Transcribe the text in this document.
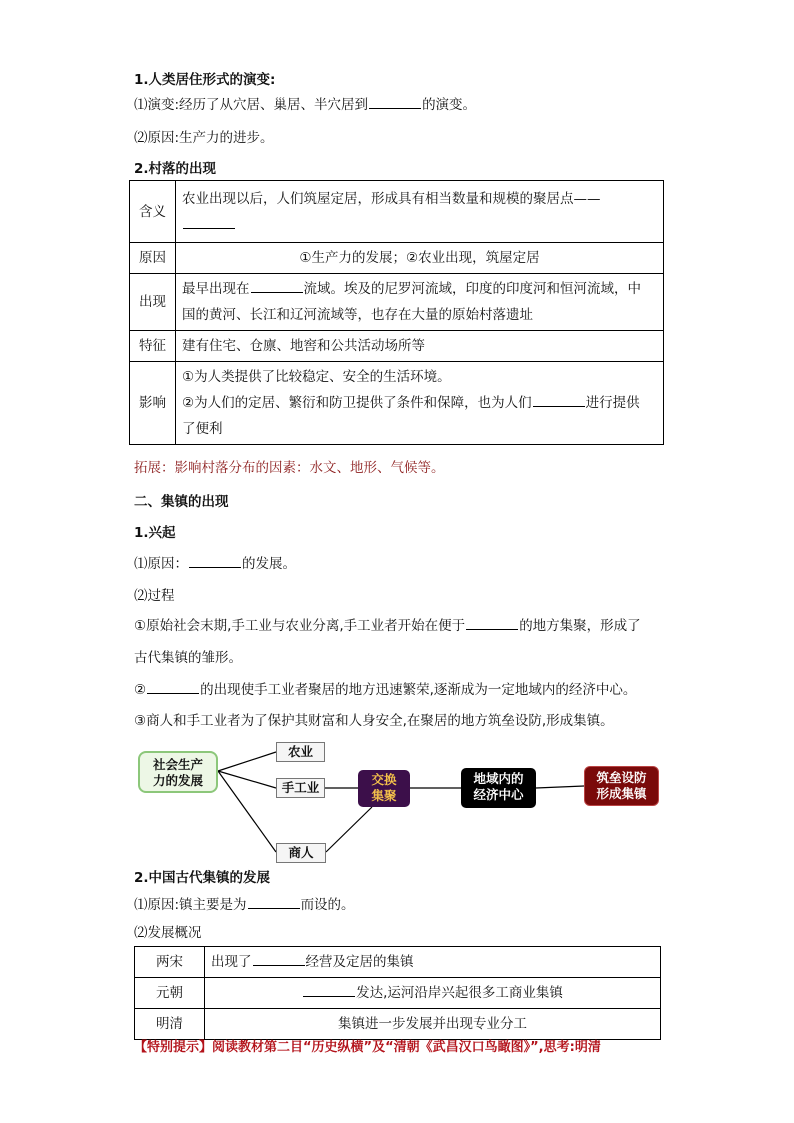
1.人类居住形式的演变:
⑴演变:经历了从穴居、巢居、半穴居到	的演变。
⑵原因:生产力的进步。
2.村落的出现
含义	农业出现以后，人们筑屋定居，形成具有相当数量和规模的聚居点——

原因	①生产力的发展；②农业出现，筑屋定居
出现	最早出现在 流域。埃及的尼罗河流域，印度的印度河和恒河流域，中
国的黄河、长江和辽河流域等，也存在大量的原始村落遗址
特征	建有住宅、仓廪、地窖和公共活动场所等
影响	①为人类提供了比较稳定、安全的生活环境。
②为人们的定居、繁衍和防卫提供了条件和保障，也为人们 进行提供
了便利
拓展：影响村落分布的因素：水文、地形、气候等。
二、集镇的出现
1.兴起
⑴原因：	的发展。
⑵过程
①原始社会末期,手工业与农业分离,手工业者开始在便于	的地方集聚，形成了
古代集镇的雏形。
②	的出现使手工业者聚居的地方迅速繁荣,逐渐成为一定地域内的经济中心。
③商人和手工业者为了保护其财富和人身安全,在聚居的地方筑垒设防,形成集镇。
社会生产
力的发展
农业
手工业
商人
交换
集聚
地域内的
经济中心
筑垒设防
形成集镇
2.中国古代集镇的发展
⑴原因:镇主要是为	而设的。
⑵发展概况
两宋	出现了 经营及定居的集镇
元朝	发达,运河沿岸兴起很多工商业集镇
明清	集镇进一步发展并出现专业分工
【特别提示】阅读教材第二目“历史纵横”及“清朝《武昌汉口鸟瞰图》”,思考:明清
